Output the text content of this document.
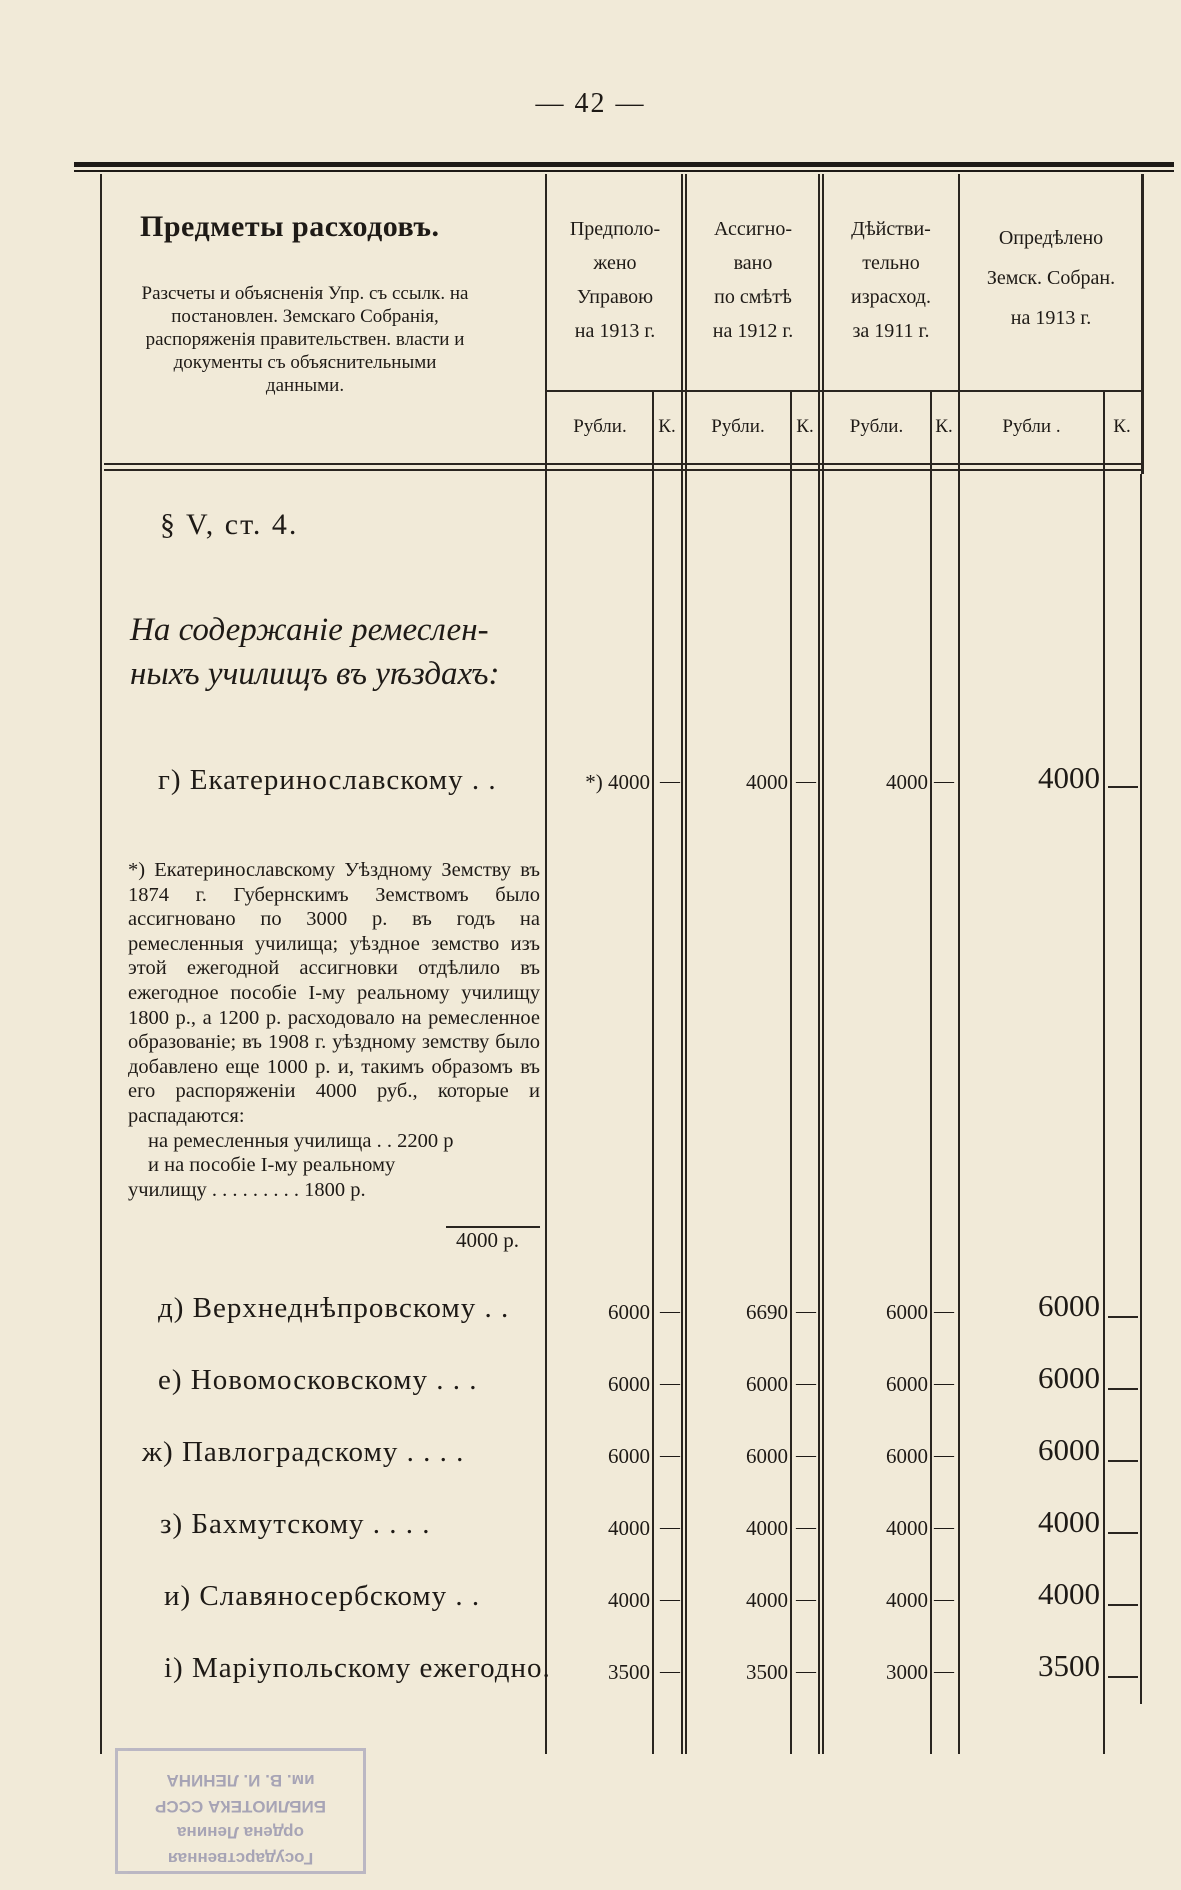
— 42 —
Предметы расходовъ.
Разсчеты и объясненія Упр. съ ссылк. на постановлен. Земскаго Собранія, распоряженія правительствен. власти и документы съ объяснительными данными.
Предполо-
жено
Управою
на 1913 г.
Ассигно-
вано
по смѣтѣ
на 1912 г.
Дѣйстви-
тельно
израсход.
за 1911 г.
Опредѣлено
Земск. Собран.
на 1913 г.
Рубли.	К.	Рубли.	К.	Рубли.	К.	Рубли .	К.
§ V, ст. 4.
На содержаніе ремеслен-
ныхъ училищъ въ уѣздахъ:
г) Екатеринославскому . .	*) 4000 —	4000 —	4000 —	4000
*) Екатеринославскому Уѣздному Земству въ 1874 г. Губернскимъ Земствомъ было ассигновано по 3000 р. въ годъ на ремесленныя училища; уѣздное земство изъ этой ежегодной ассигновки отдѣлило въ ежегодное пособіе І-му реальному училищу 1800 р., а 1200 р. расходовало на ремесленное образованіе; въ 1908 г. уѣздному земству было добавлено еще 1000 р. и, такимъ образомъ въ его распоряженіи 4000 руб., которые и распадаются:
на ремесленныя училища . . 2200 р
и на пособіе І-му реальному
училищу . . . . . . . . . 1800 р.
4000 р.
д) Верхнеднѣпровскому . .	6000 —	6690 —	6000 —	6000
е) Новомосковскому . . .	6000 —	6000 —	6000 —	6000
ж) Павлоградскому . . . .	6000 —	6000 —	6000 —	6000
з) Бахмутскому . . . .	4000 —	4000 —	4000 —	4000
и) Славяносербскому . .	4000 —	4000 —	4000 —	4000
і) Маріупольскому ежегодно.	3500 —	3500 —	3000 —	3500
Государственная
ордена Ленина
БИБЛИОТЕКА СССР
им. В. И. ЛЕНИНА
